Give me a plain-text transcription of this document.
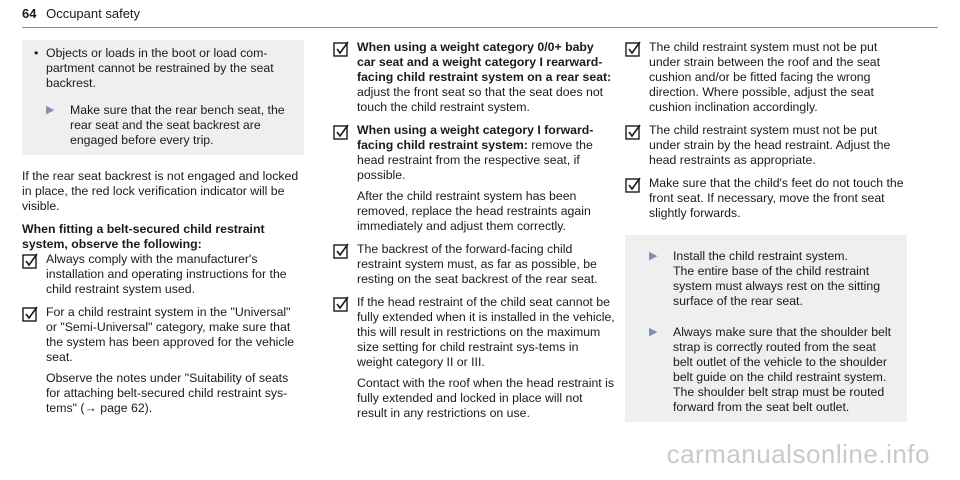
64 Occupant safety
• Objects or loads in the boot or load com-partment cannot be restrained by the seat backrest.

▶	Make sure that the rear bench seat, the rear seat and the seat backrest are engaged before every trip.

If the rear seat backrest is not engaged and locked in place, the red lock verification indicator will be visible.

When fitting a belt-secured child restraint system, observe the following:

Always comply with the manufacturer's installation and operating instructions for the child restraint system used.

For a child restraint system in the "Universal" or "Semi-Universal" category, make sure that the system has been approved for the vehicle seat.

Observe the notes under "Suitability of seats for attaching belt-secured child restraint sys-tems" (→ page 62).

When using a weight category 0/0+ baby car seat and a weight category I rearward-facing child restraint system on a rear seat: adjust the front seat so that the seat does not touch the child restraint system.

When using a weight category I forward-facing child restraint system: remove the head restraint from the respective seat, if possible.

After the child restraint system has been removed, replace the head restraints again immediately and adjust them correctly.

The backrest of the forward-facing child restraint system must, as far as possible, be resting on the seat backrest of the rear seat.

If the head restraint of the child seat cannot be fully extended when it is installed in the vehicle, this will result in restrictions on the maximum size setting for child restraint sys-tems in weight category II or III.

Contact with the roof when the head restraint is fully extended and locked in place will not result in any restrictions on use.

The child restraint system must not be put under strain between the roof and the seat cushion and/or be fitted facing the wrong direction. Where possible, adjust the seat cushion inclination accordingly.

The child restraint system must not be put under strain by the head restraint. Adjust the head restraints as appropriate.

Make sure that the child's feet do not touch the front seat. If necessary, move the front seat slightly forwards.

▶	Install the child restraint system.

The entire base of the child restraint system must always rest on the sitting surface of the rear seat.

▶	Always make sure that the shoulder belt strap is correctly routed from the seat belt outlet of the vehicle to the shoulder belt guide on the child restraint system.

The shoulder belt strap must be routed forward from the seat belt outlet.

carmanualsonline.info
